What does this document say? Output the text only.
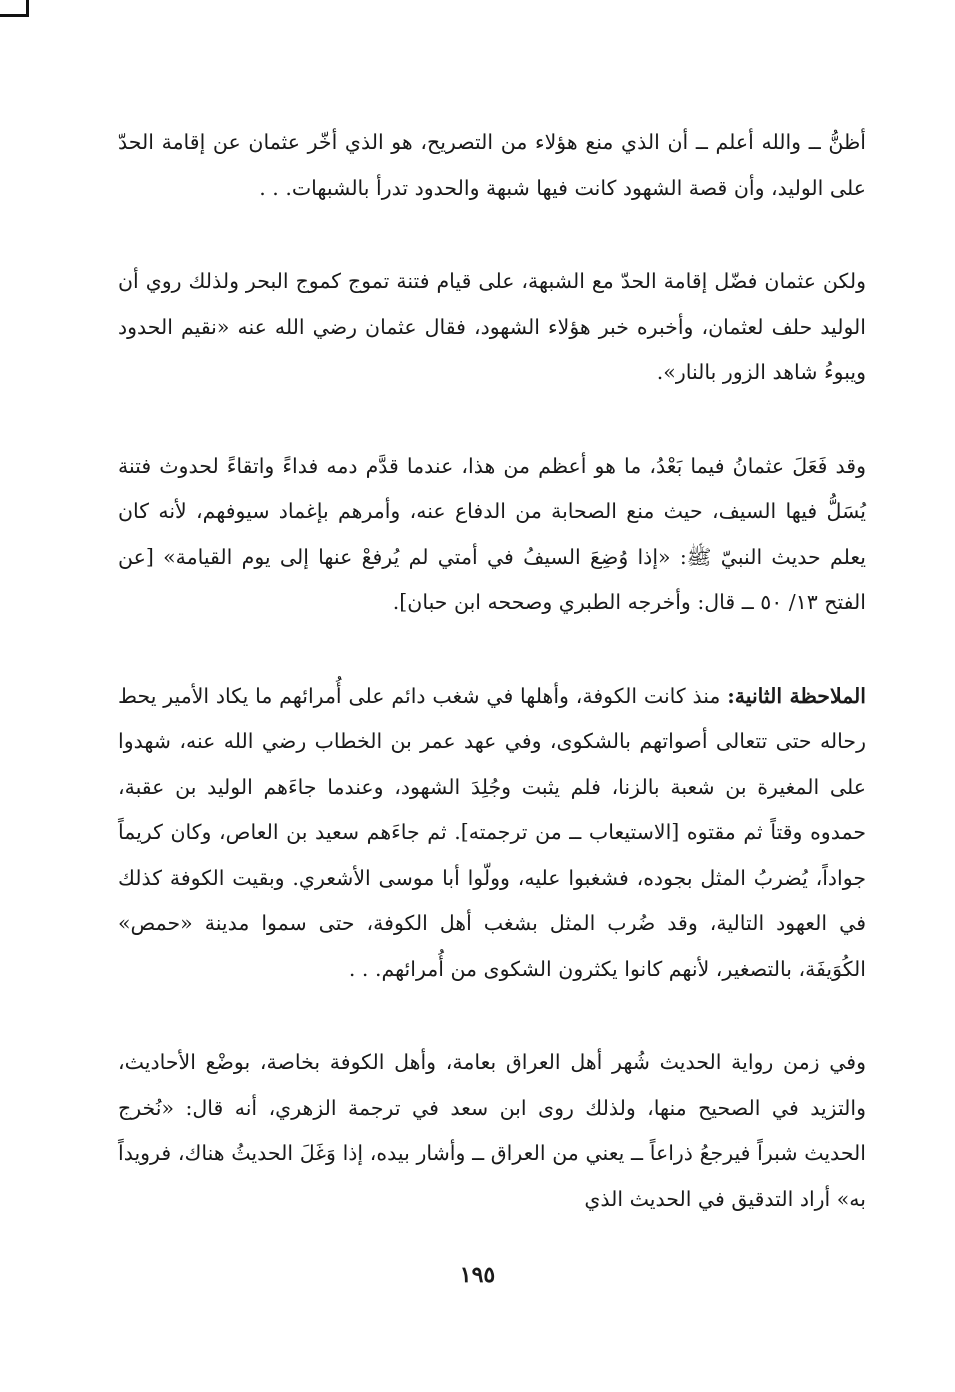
أظنُّ ــ والله أعلم ــ أن الذي منع هؤلاء من التصريح، هو الذي أخّر عثمان عن إقامة الحدّ على الوليد، وأن قصة الشهود كانت فيها شبهة والحدود تدرأ بالشبهات. . .

ولكن عثمان فضّل إقامة الحدّ مع الشبهة، على قيام فتنة تموج كموج البحر ولذلك روي أن الوليد حلف لعثمان، وأخبره خبر هؤلاء الشهود، فقال عثمان رضي الله عنه «نقيم الحدود ويبوءُ شاهد الزور بالنار».

وقد فَعَلَ عثمانُ فيما بَعْدُ، ما هو أعظم من هذا، عندما قدَّم دمه فداءً واتقاءً لحدوث فتنة يُسَلُّ فيها السيف، حيث منع الصحابة من الدفاع عنه، وأمرهم بإغماد سيوفهم، لأنه كان يعلم حديث النبيّ ﷺ: «إذا وُضِعَ السيفُ في أمتي لم يُرفعْ عنها إلى يوم القيامة» [عن الفتح ١٣/ ٥٠ ــ قال: وأخرجه الطبري وصححه ابن حبان].

الملاحظة الثانية: منذ كانت الكوفة، وأهلها في شغب دائم على أُمرائهم ما يكاد الأمير يحط رحاله حتى تتعالى أصواتهم بالشكوى، وفي عهد عمر بن الخطاب رضي الله عنه، شهدوا على المغيرة بن شعبة بالزنا، فلم يثبت وجُلِدَ الشهود، وعندما جاءَهم الوليد بن عقبة، حمدوه وقتاً ثم مقتوه [الاستيعاب ــ من ترجمته]. ثم جاءَهم سعيد بن العاص، وكان كريماً جواداً، يُضربُ المثل بجوده، فشغبوا عليه، وولّوا أبا موسى الأشعري. وبقيت الكوفة كذلك في العهود التالية، وقد ضُرب المثل بشغب أهل الكوفة، حتى سموا مدينة «حمص» الكُوَيفَة، بالتصغير، لأنهم كانوا يكثرون الشكوى من أُمرائهم. . .

وفي زمن رواية الحديث شُهر أهل العراق بعامة، وأهل الكوفة بخاصة، بوضْع الأحاديث، والتزيد في الصحيح منها، ولذلك روى ابن سعد في ترجمة الزهري، أنه قال: «نُخرج الحديث شبراً فيرجعُ ذراعاً ــ يعني من العراق ــ وأشار بيده، إذا وَغَلَ الحديثُ هناك، فرويداً به» أراد التدقيق في الحديث الذي

١٩٥
